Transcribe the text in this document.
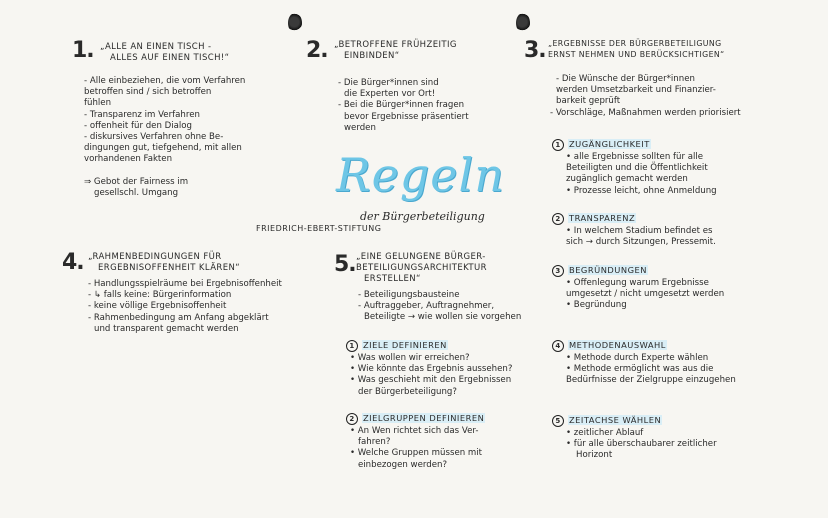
1. „ALLE AN EINEN TISCH -
ALLES AUF EINEN TISCH!“
- Alle einbeziehen, die vom Verfahren
betroffen sind / sich betroffen
fühlen
- Transparenz im Verfahren
- offenheit für den Dialog
- diskursives Verfahren ohne Be-
dingungen gut, tiefgehend, mit allen
vorhandenen Fakten

⇒ Gebot der Fairness im
gesellschl. Umgang
2. „BETROFFENE FRÜHZEITIG
EINBINDEN“
- Die Bürger*innen sind
die Experten vor Ort!
- Bei die Bürger*innen fragen
bevor Ergebnisse präsentiert
werden
3. „ERGEBNISSE DER BÜRGERBETEILIGUNG
ERNST NEHMEN UND BERÜCKSICHTIGEN“
- Die Wünsche der Bürger*innen
werden Umsetzbarkeit und Finanzier-
barkeit geprüft
- Vorschläge, Maßnahmen werden priorisiert
1 ZUGÄNGLICHKEIT
• alle Ergebnisse sollten für alle
Beteiligten und die Öffentlichkeit
zugänglich gemacht werden
• Prozesse leicht, ohne Anmeldung
2 TRANSPARENZ
• In welchem Stadium befindet es
sich → durch Sitzungen, Pressemit.
3 BEGRÜNDUNGEN
• Offenlegung warum Ergebnisse
umgesetzt / nicht umgesetzt werden
• Begründung
4 METHODENAUSWAHL
• Methode durch Experte wählen
• Methode ermöglicht was aus die
Bedürfnisse der Zielgruppe einzugehen
5 ZEITACHSE WÄHLEN
• zeitlicher Ablauf
• für alle überschaubarer zeitlicher
Horizont
Regeln
der Bürgerbeteiligung
FRIEDRICH-EBERT-STIFTUNG
4. „RAHMENBEDINGUNGEN FÜR
ERGEBNISOFFENHEIT KLÄREN“
- Handlungsspielräume bei Ergebnisoffenheit
- ↳ falls keine: Bürgerinformation
- keine völlige Ergebnisoffenheit
- Rahmenbedingung am Anfang abgeklärt
und transparent gemacht werden
5. „EINE GELUNGENE BÜRGER-
BETEILIGUNGSARCHITEKTUR
ERSTELLEN“
- Beteiligungsbausteine
- Auftraggeber, Auftragnehmer,
Beteiligte → wie wollen sie vorgehen
1 ZIELE DEFINIEREN
• Was wollen wir erreichen?
• Wie könnte das Ergebnis aussehen?
• Was geschieht mit den Ergebnissen
der Bürgerbeteiligung?
2 ZIELGRUPPEN DEFINIEREN
• An Wen richtet sich das Ver-
fahren?
• Welche Gruppen müssen mit
einbezogen werden?
